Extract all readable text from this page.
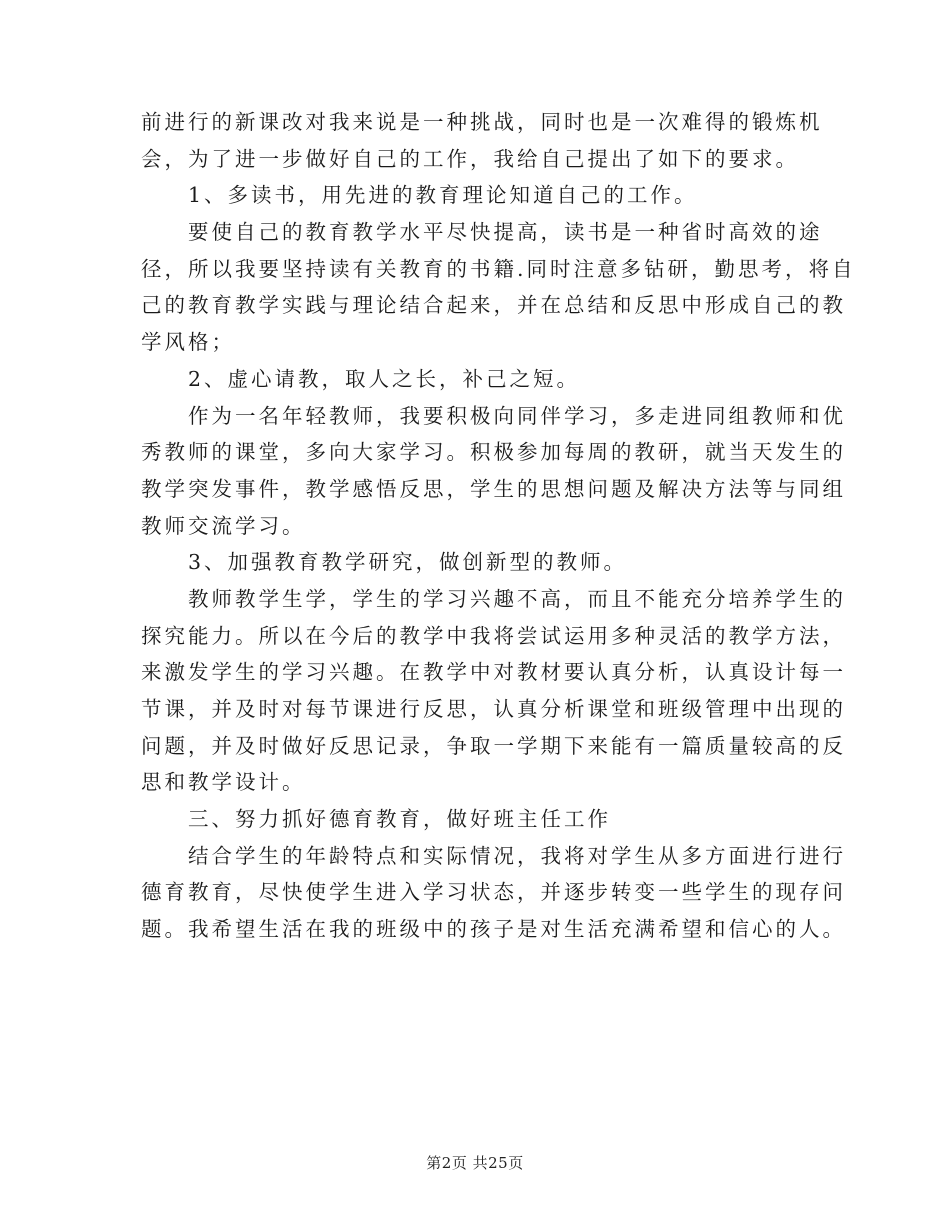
前进行的新课改对我来说是一种挑战，同时也是一次难得的锻炼机
会，为了进一步做好自己的工作，我给自己提出了如下的要求。
1、多读书，用先进的教育理论知道自己的工作。
要使自己的教育教学水平尽快提高，读书是一种省时高效的途
径，所以我要坚持读有关教育的书籍.同时注意多钻研，勤思考，将自
己的教育教学实践与理论结合起来，并在总结和反思中形成自己的教
学风格；
2、虚心请教，取人之长，补己之短。
作为一名年轻教师，我要积极向同伴学习，多走进同组教师和优
秀教师的课堂，多向大家学习。积极参加每周的教研，就当天发生的
教学突发事件，教学感悟反思，学生的思想问题及解决方法等与同组
教师交流学习。
3、加强教育教学研究，做创新型的教师。
教师教学生学，学生的学习兴趣不高，而且不能充分培养学生的
探究能力。所以在今后的教学中我将尝试运用多种灵活的教学方法，
来激发学生的学习兴趣。在教学中对教材要认真分析，认真设计每一
节课，并及时对每节课进行反思，认真分析课堂和班级管理中出现的
问题，并及时做好反思记录，争取一学期下来能有一篇质量较高的反
思和教学设计。
三、努力抓好德育教育，做好班主任工作
结合学生的年龄特点和实际情况，我将对学生从多方面进行进行
德育教育，尽快使学生进入学习状态，并逐步转变一些学生的现存问
题。我希望生活在我的班级中的孩子是对生活充满希望和信心的人。
第2页 共25页
